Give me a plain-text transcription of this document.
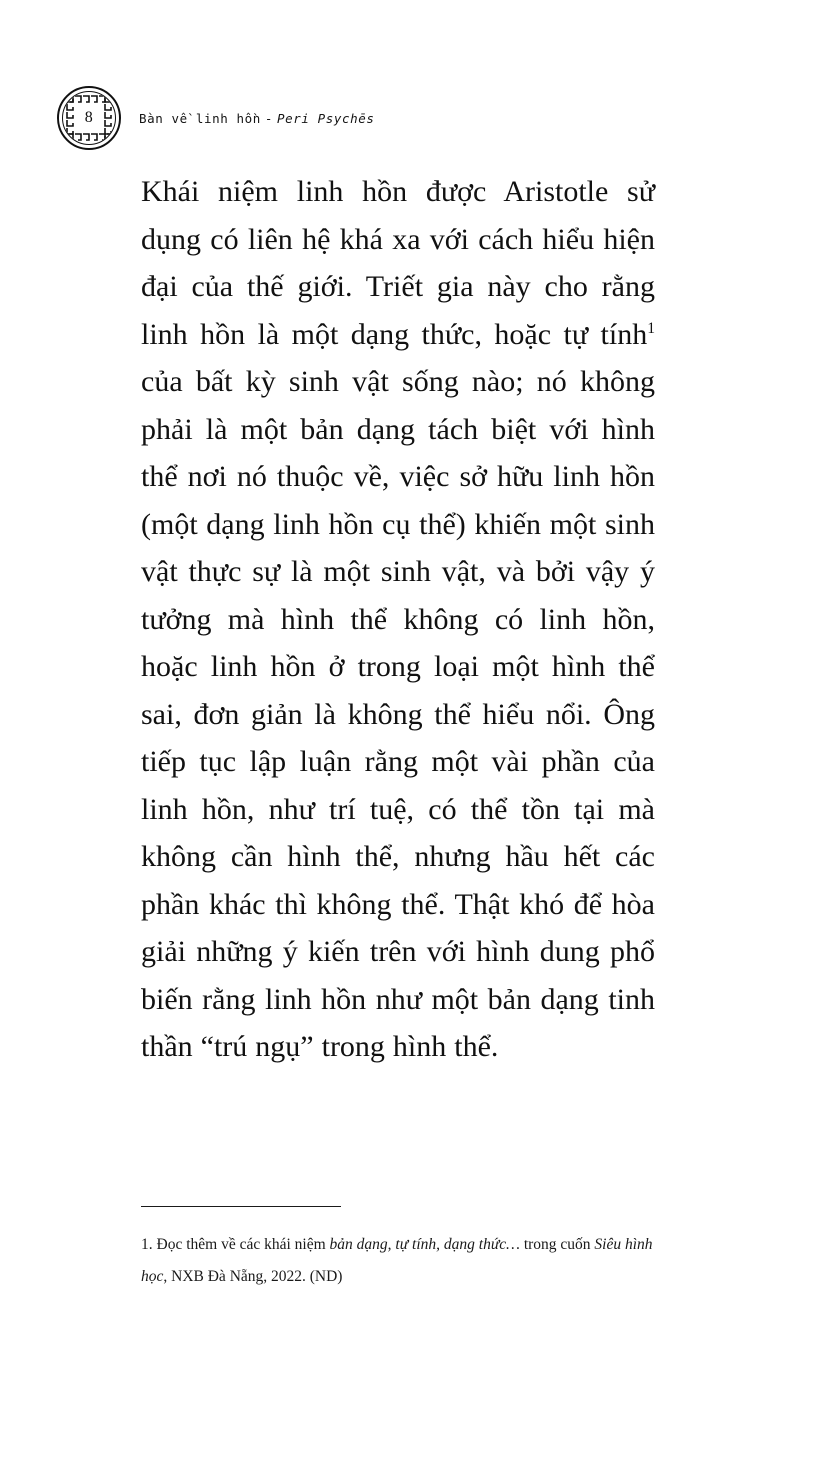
8	Bàn về linh hồn - Peri Psychēs

Khái niệm linh hồn được Aristotle sử dụng có liên hệ khá xa với cách hiểu hiện đại của thế giới. Triết gia này cho rằng linh hồn là một dạng thức, hoặc tự tính$^1$ của bất kỳ sinh vật sống nào; nó không phải là một bản dạng tách biệt với hình thể nơi nó thuộc về, việc sở hữu linh hồn (một dạng linh hồn cụ thể) khiến một sinh vật thực sự là một sinh vật, và bởi vậy ý tưởng mà hình thể không có linh hồn, hoặc linh hồn ở trong loại một hình thể sai, đơn giản là không thể hiểu nổi. Ông tiếp tục lập luận rằng một vài phần của linh hồn, như trí tuệ, có thể tồn tại mà không cần hình thể, nhưng hầu hết các phần khác thì không thể. Thật khó để hòa giải những ý kiến trên với hình dung phổ biến rằng linh hồn như một bản dạng tinh thần “trú ngụ” trong hình thể.

1. Đọc thêm về các khái niệm bản dạng, tự tính, dạng thức… trong cuốn Siêu hình học, NXB Đà Nẵng, 2022. (ND)
